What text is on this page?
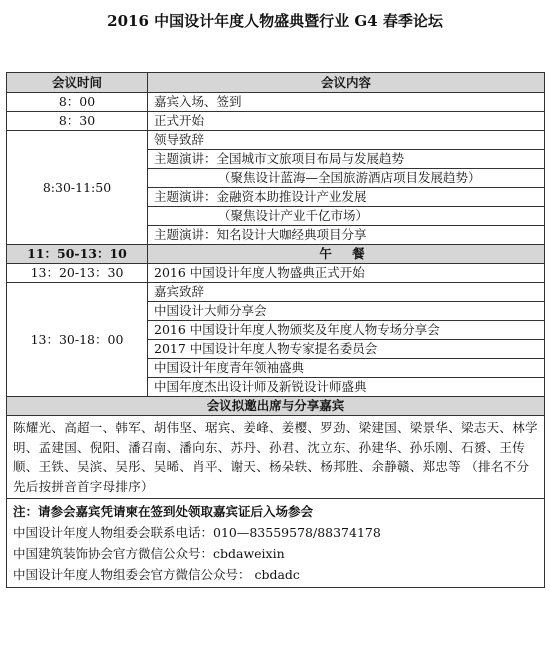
2016 中国设计年度人物盛典暨行业 G4 春季论坛
会议时间	会议内容
8：00	嘉宾入场、签到
8：30	正式开始
8:30-11:50	领导致辞
	主题演讲：全国城市文旅项目布局与发展趋势
	（聚焦设计蓝海—全国旅游酒店项目发展趋势）
	主题演讲：金融资本助推设计产业发展
	（聚焦设计产业千亿市场）
	主题演讲：知名设计大咖经典项目分享
11：50-13：10	午 餐
13：20-13：30	2016 中国设计年度人物盛典正式开始
13：30-18：00	嘉宾致辞
	中国设计大师分享会
	2016 中国设计年度人物颁奖及年度人物专场分享会
	2017 中国设计年度人物专家提名委员会
	中国设计年度青年领袖盛典
	中国年度杰出设计师及新锐设计师盛典
会议拟邀出席与分享嘉宾	
陈耀光、高超一、韩军、胡伟坚、琚宾、姜峰、姜樱、罗劲、梁建国、梁景华、梁志天、林学明、孟建国、倪阳、潘召南、潘向东、苏丹、孙君、沈立东、孙建华、孙乐刚、石赟、王传顺、王铁、吴滨、吴彤、吴晞、肖平、谢天、杨朵轶、杨邦胜、余静赣、郑忠等 （排名不分先后按拼音首字母排序）	

注：请参会嘉宾凭请柬在签到处领取嘉宾证后入场参会
中国设计年度人物组委会联系电话：010—83559578/88374178
中国建筑装饰协会官方微信公众号：cbdaweixin
中国设计年度人物组委会官方微信公众号： cbdadc	
